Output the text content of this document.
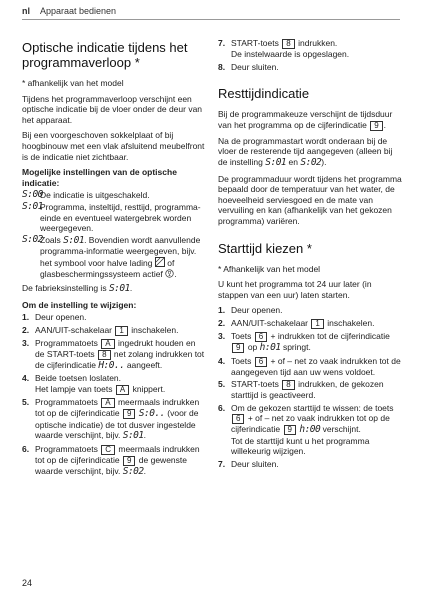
nl Apparaat bedienen
Optische indicatie tijdens het programmaverloop *

* afhankelijk van het model

Tijdens het programmaverloop verschijnt een optische indicatie bij de vloer onder de deur van het apparaat.

Bij een voorgeschoven sokkelplaat of bij hoogbinouw met een vlak afsluitend meubelfront is de indicatie niet zichtbaar.

Mogelijke instellingen van de optische indicatie:

S:00
De indicatie is uitgeschakeld.
S:01
Programma, insteltijd, resttijd, programma-einde en eventueel watergebrek worden weergegeven.
S:02
Zoals S:01. Bovendien wordt aanvullende programma-informatie weergegeven, bijv. het symbool voor halve lading of glasbeschermingssysteem actief .

De fabrieksinstelling is S:01.

Om de instelling te wijzigen:

1. Deur openen.
2. AAN/UIT-schakelaar 1 inschakelen.
3. Programmatoets A ingedrukt houden en de START-toets 8 net zolang indrukken tot de cijferindicatie H:0.. aangeeft.
4. Beide toetsen loslaten.
Het lampje van toets A knippert.
5. Programmatoets A meermaals indrukken tot op de cijferindicatie 9 S:0.. (voor de optische indicatie) de tot dusver ingestelde waarde verschijnt, bijv. S:01.
6. Programmatoets C meermaals indrukken tot op de cijferindicatie 9 de gewenste waarde verschijnt, bijv. S:02.
7. START-toets 8 indrukken.
De instelwaarde is opgeslagen.
8. Deur sluiten.
Resttijdindicatie

Bij de programmakeuze verschijnt de tijdsduur van het programma op de cijferindicatie 9 .

Na de programmastart wordt onderaan bij de vloer de resterende tijd aangegeven (alleen bij de instelling S:01 en S:02).

De programmaduur wordt tijdens het programma bepaald door de temperatuur van het water, de hoeveelheid serviesgoed en de mate van vervuiling en kan (afhankelijk van het gekozen programma) variëren.

Starttijd kiezen *

* Afhankelijk van het model

U kunt het programma tot 24 uur later (in stappen van een uur) laten starten.

1. Deur openen.
2. AAN/UIT-schakelaar 1 inschakelen.
3. Toets 6 + indrukken tot de cijferindicatie 9 op h:01 springt.
4. Toets 6 + of – net zo vaak indrukken tot de aangegeven tijd aan uw wens voldoet.
5. START-toets 8 indrukken, de gekozen starttijd is geactiveerd.
6. Om de gekozen starttijd te wissen: de toets 6 + of – net zo vaak indrukken tot op de cijferindicatie 9 h:00 verschijnt.
Tot de starttijd kunt u het programma willekeurig wijzigen.
7. Deur sluiten.
24
